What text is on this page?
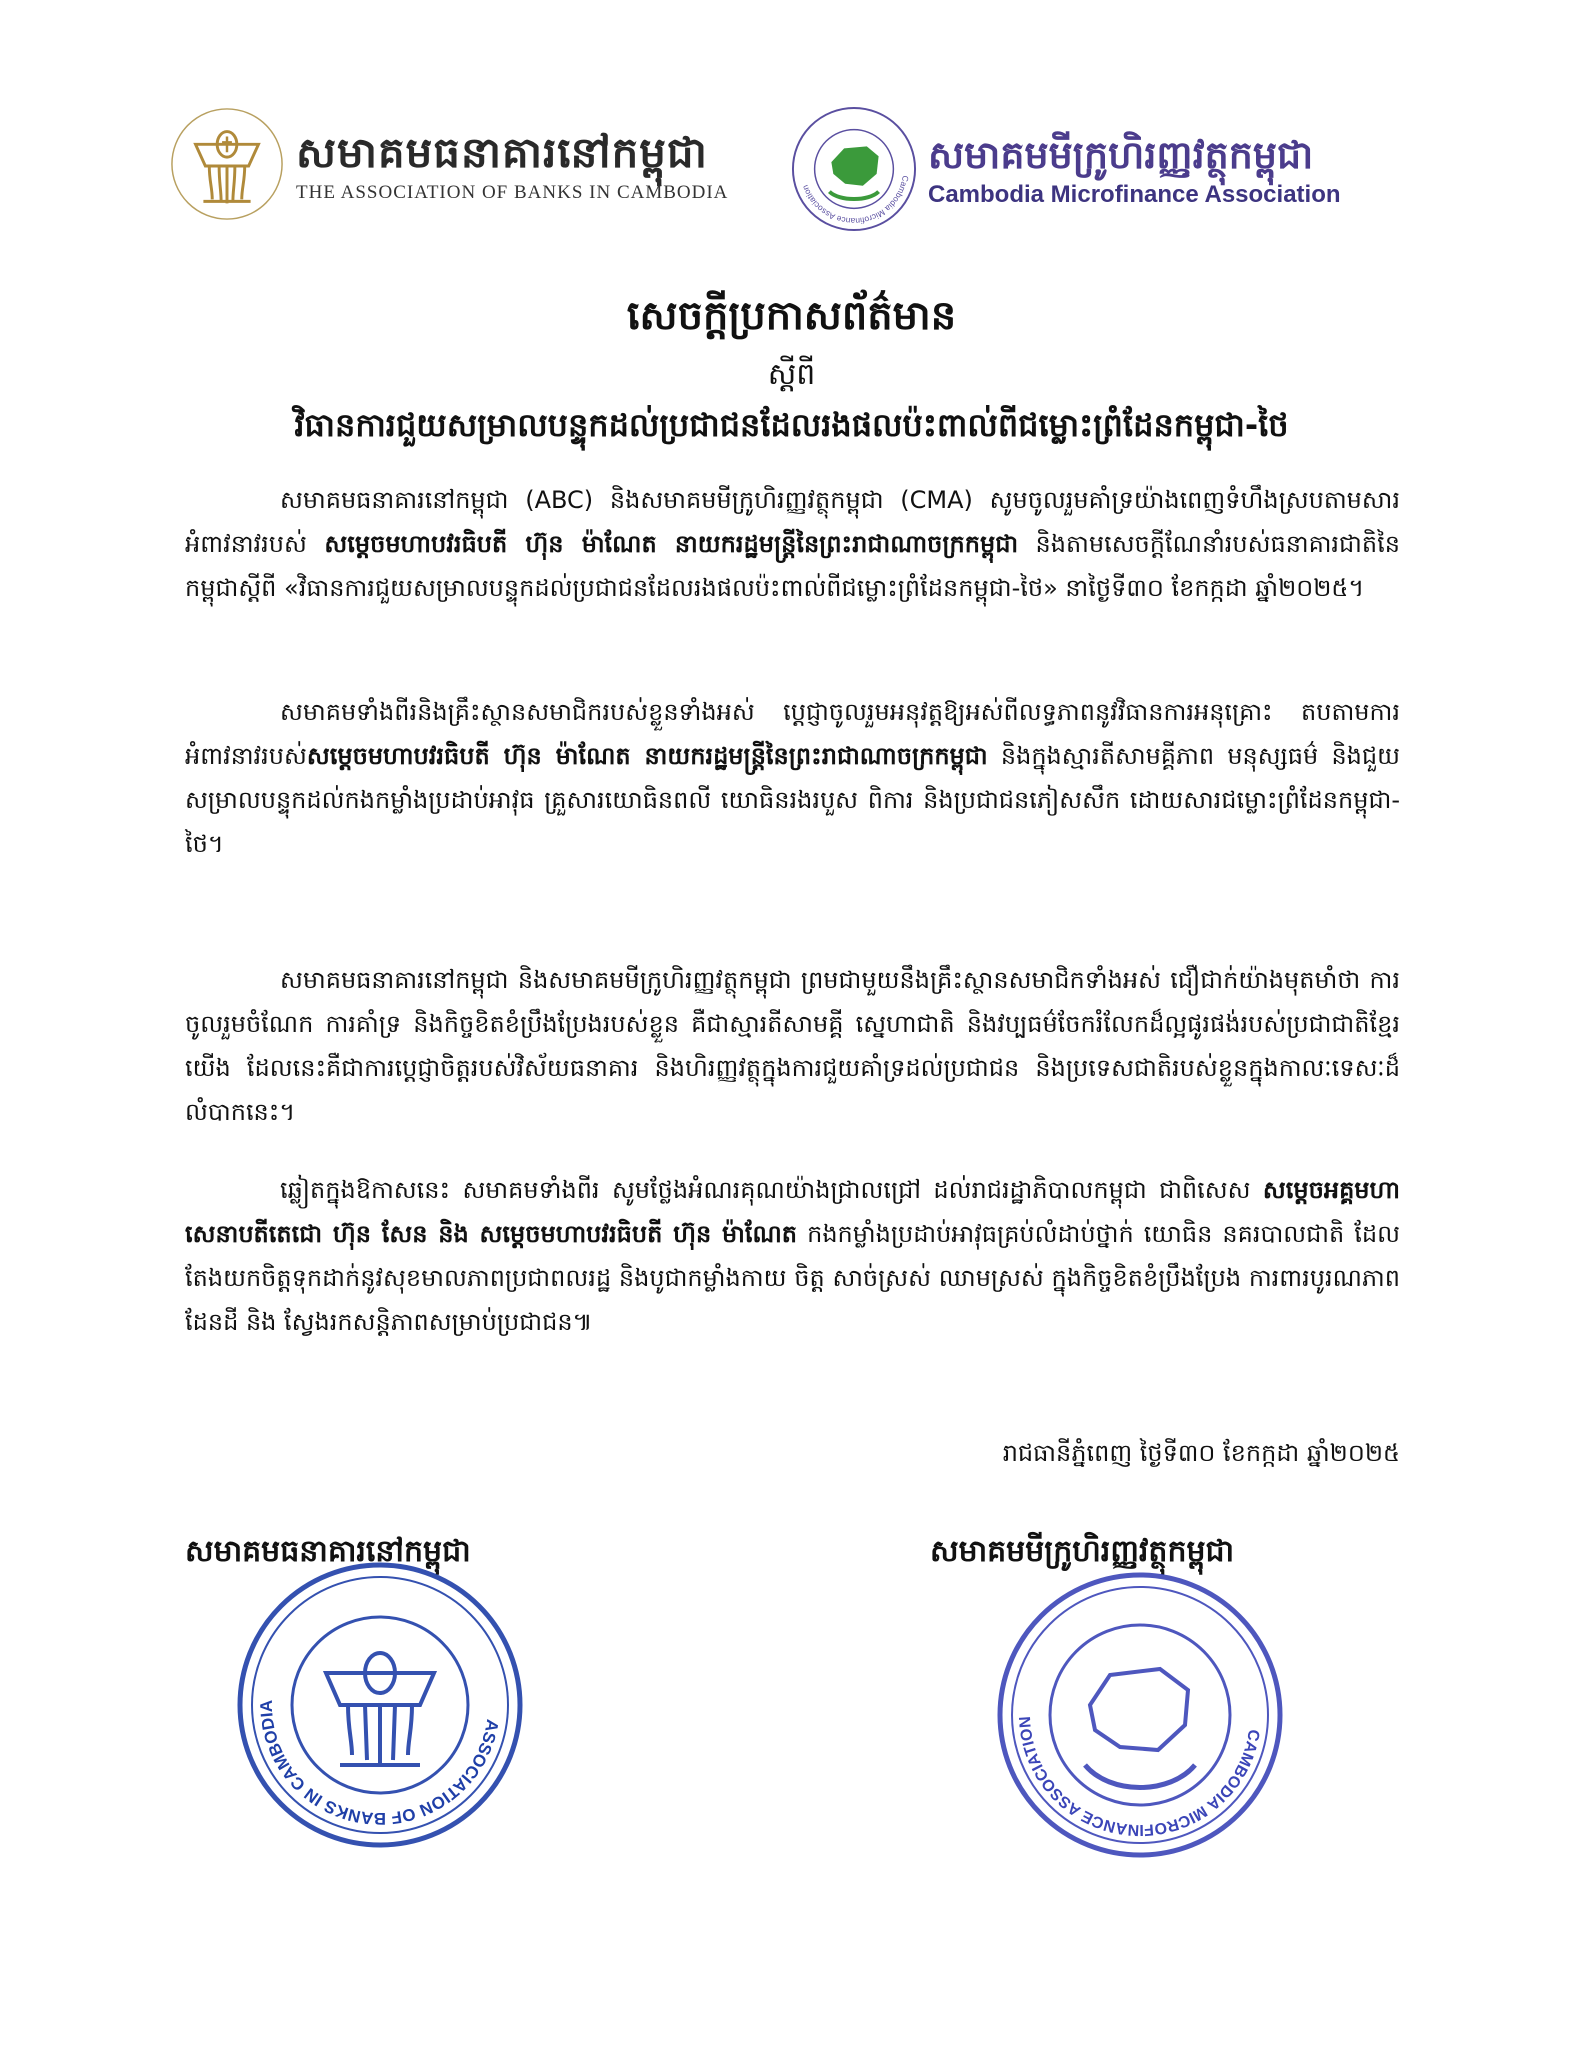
សមាគមធនាគារនៅកម្ពុជា
THE ASSOCIATION OF BANKS IN CAMBODIA
Cambodia Microfinance Association
សមាគមមីក្រូហិរញ្ញវត្ថុកម្ពុជា
Cambodia Microfinance Association
សេចក្តីប្រកាសព័ត៌មាន
ស្តីពី
វិធានការជួយសម្រាលបន្ទុកដល់ប្រជាជនដែលរងផលប៉ះពាល់ពីជម្លោះព្រំដែនកម្ពុជា-ថៃ

សមាគមធនាគារនៅកម្ពុជា (ABC) និងសមាគមមីក្រូហិរញ្ញវត្ថុកម្ពុជា (CMA) សូមចូលរួមគាំទ្រយ៉ាងពេញទំហឹងស្របតាមសារអំពាវនាវរបស់ សម្តេចមហាបវរធិបតី ហ៊ុន ម៉ាណែត នាយករដ្ឋមន្ត្រីនៃព្រះរាជាណាចក្រកម្ពុជា និងតាមសេចក្តីណែនាំរបស់ធនាគារជាតិនៃកម្ពុជាស្តីពី «វិធានការជួយសម្រាលបន្ទុកដល់ប្រជាជនដែលរងផលប៉ះពាល់ពីជម្លោះព្រំដែនកម្ពុជា-ថៃ» នាថ្ងៃទី៣០ ខែកក្កដា ឆ្នាំ២០២៥។

សមាគមទាំងពីរនិងគ្រឹះស្ថានសមាជិករបស់ខ្លួនទាំងអស់ ប្តេជ្ញាចូលរួមអនុវត្តឱ្យអស់ពីលទ្ធភាពនូវវិធានការអនុគ្រោះ តបតាមការអំពាវនាវរបស់សម្តេចមហាបវរធិបតី ហ៊ុន ម៉ាណែត នាយករដ្ឋមន្ត្រីនៃព្រះរាជាណាចក្រកម្ពុជា និងក្នុងស្មារតីសាមគ្គីភាព មនុស្សធម៌ និងជួយសម្រាលបន្ទុកដល់កងកម្លាំងប្រដាប់អាវុធ គ្រួសារយោធិនពលី យោធិនរងរបួស ពិការ និងប្រជាជនភៀសសឹក ដោយសារជម្លោះព្រំដែនកម្ពុជា-ថៃ។

សមាគមធនាគារនៅកម្ពុជា និងសមាគមមីក្រូហិរញ្ញវត្ថុកម្ពុជា ព្រមជាមួយនឹងគ្រឹះស្ថានសមាជិកទាំងអស់ ជឿជាក់យ៉ាងមុតមាំថា ការចូលរួមចំណែក ការគាំទ្រ និងកិច្ចខិតខំប្រឹងប្រែងរបស់ខ្លួន គឺជាស្មារតីសាមគ្គី ស្នេហាជាតិ និងវប្បធម៌ចែករំលែកដ៏ល្អផូរផង់របស់ប្រជាជាតិខ្មែរយើង ដែលនេះគឺជាការប្តេជ្ញាចិត្តរបស់វិស័យធនាគារ និងហិរញ្ញវត្ថុក្នុងការជួយគាំទ្រដល់ប្រជាជន និងប្រទេសជាតិរបស់ខ្លួនក្នុងកាលៈទេសៈដ៏លំបាកនេះ។

ឆ្លៀតក្នុងឱកាសនេះ សមាគមទាំងពីរ សូមថ្លែងអំណរគុណយ៉ាងជ្រាលជ្រៅ ដល់រាជរដ្ឋាភិបាលកម្ពុជា ជាពិសេស សម្តេចអគ្គមហាសេនាបតីតេជោ ហ៊ុន សែន និង សម្តេចមហាបវរធិបតី ហ៊ុន ម៉ាណែត កងកម្លាំងប្រដាប់អាវុធគ្រប់លំដាប់ថ្នាក់ យោធិន នគរបាលជាតិ ដែលតែងយកចិត្តទុកដាក់នូវសុខមាលភាពប្រជាពលរដ្ឋ និងបូជាកម្លាំងកាយ ចិត្ត សាច់ស្រស់ ឈាមស្រស់ ក្នុងកិច្ចខិតខំប្រឹងប្រែង ការពារបូរណភាពដែនដី និង ស្វែងរកសន្តិភាពសម្រាប់ប្រជាជន៕

រាជធានីភ្នំពេញ ថ្ងៃទី៣០ ខែកក្កដា ឆ្នាំ២០២៥
សមាគមធនាគារនៅកម្ពុជា	សមាគមមីក្រូហិរញ្ញវត្ថុកម្ពុជា
ASSOCIATION OF BANKS IN CAMBODIA
CAMBODIA MICROFINANCE ASSOCIATION
